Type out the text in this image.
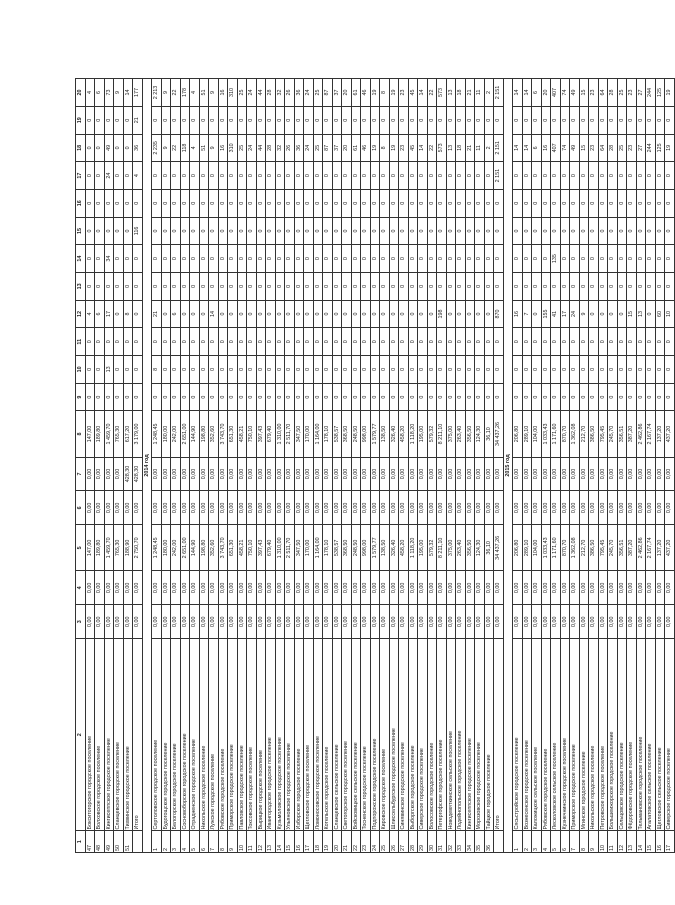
1	2	3	4	5	6	7	8	9	10	11	12	13	14	15	16	17	18	19	20
47	Бокситогорское городское поселение	0,00	0,00	147,00	0,00	0,00	147,00	0	0	0	4	0	0	0	0	0	0	0	4
48	Волховское городское поселение	0,00	0,00	189,80	0,00	0,00	189,80	0	0	0	6	0	0	0	0	0	0	0	6
49	Кингисеппское городское поселение	0,00	0,00	1 459,70	0,00	0,00	1 459,70	0	13	0	17	0	34	0	0	24	49	0	73
50	Сланцевское городское поселение	0,00	0,00	765,30	0,00	0,00	765,30	0	0	0	0	0	0	0	0	0	0	0	9
51	Тихвинское городское поселение	0,00	0,00	188,90	0,00	428,30	617,20	0	0	0	8	0	0	0	0	0	0	0	14
	Итого	0,00	0,00	2 750,70	0,00	428,30	3 179,00	0	0	0	0	0	0	116	0	4	36	21	177
2014 год																			
1	Сертоловское городское поселение	0,00	0,00	1 248,45	0,00	0,00	1 248,45	0	8	0	21	0	0	0	0	0	2 235	0	2 213
2	Будогощское городское поселение	0,00	0,00	180,00	0,00	0,00	180,00	0	0	0	0	0	0	0	0	0	9	0	9
3	Белогорское городское поселение	0,00	0,00	242,00	0,00	0,00	242,00	0	0	0	6	0	0	0	0	0	22	0	22
4	Сосновоборское городское поселение	0,00	0,00	2 651,00	0,00	0,00	2 651,00	0	0	0	0	0	0	0	0	0	118	0	178
5	Отрадненское городское поселение	0,00	0,00	144,90	0,00	0,00	144,90	0	0	0	0	0	0	0	0	0	4	0	4
6	Никольское городское поселение	0,00	0,00	198,80	0,00	0,00	198,80	0	0	0	0	0	0	0	0	0	51	0	51
7	Лужское городское поселение	0,00	0,00	352,60	0,00	0,00	352,60	0	0	0	14	0	0	0	0	0	9	0	9
8	Рябовское городское поселение	0,00	0,00	3 743,70	0,00	0,00	3 743,70	0	0	0	0	0	0	0	0	0	16	0	16
9	Приморское городское поселение	0,00	0,00	651,30	0,00	0,00	651,30	0	0	0	0	0	0	0	0	0	310	0	310
10	Павловское городское поселение	0,00	0,00	458,21	0,00	0,00	458,21	0	0	0	0	0	0	0	0	0	25	0	25
11	Токсовское городское поселение	0,00	0,00	750,10	0,00	0,00	750,10	0	0	0	0	0	0	0	0	0	24	0	24
12	Вырицкое городское поселение	0,00	0,00	397,43	0,00	0,00	397,43	0	0	0	0	0	0	0	0	0	44	0	44
13	Ивангородское городское поселение	0,00	0,00	679,40	0,00	0,00	679,40	0	0	0	0	0	0	0	0	0	28	0	28
14	Кузьмоловское городское поселение	0,00	0,00	1 310,00	0,00	0,00	1 310,00	0	0	0	0	0	0	0	0	0	32	0	32
15	Ульяновское городское поселение	0,00	0,00	2 511,70	0,00	0,00	2 511,70	0	0	0	0	0	0	0	0	0	26	0	26
16	Изборское городское поселение	0,00	0,00	347,50	0,00	0,00	347,50	0	0	0	0	0	0	0	0	0	36	0	36
17	Щегловское городское поселение	0,00	0,00	170,00	0,00	0,00	170,00	0	0	0	0	0	0	0	0	0	24	0	24
18	Ломоносовское городское поселение	0,00	0,00	1 164,00	0,00	0,00	1 164,00	0	0	0	0	0	0	0	0	0	25	0	25
19	Котельское городское поселение	0,00	0,00	178,10	0,00	0,00	178,10	0	0	0	0	0	0	0	0	0	87	0	87
20	Сланцевское сельское поселение	0,00	0,00	538,57	0,00	0,00	538,57	0	0	0	0	0	0	0	0	0	37	0	37
21	Светогорское городское поселение	0,00	0,00	368,50	0,00	0,00	368,50	0	0	0	0	0	0	0	0	0	20	0	20
22	Войсковицкое сельское поселение	0,00	0,00	248,50	0,00	0,00	248,50	0	0	0	0	0	0	0	0	0	61	0	61
23	Тосненское городское поселение	0,00	0,00	998,00	0,00	0,00	998,00	0	0	0	0	0	0	0	0	0	46	0	46
24	Подпорожское городское поселение	0,00	0,00	1 579,77	0,00	0,00	1 579,77	0	0	0	0	0	0	0	0	0	19	0	19
25	Кировское городское поселение	0,00	0,00	138,50	0,00	0,00	138,50	0	0	0	0	0	0	0	0	0	8	0	8
26	Шлиссельбургское городское поселение	0,00	0,00	326,40	0,00	0,00	326,40	0	0	0	0	0	0	0	0	0	19	0	19
27	Синявинское городское поселение	0,00	0,00	458,20	0,00	0,00	458,20	0	0	0	0	0	0	0	0	0	23	0	23
28	Выборгское городское поселение	0,00	0,00	1 118,20	0,00	0,00	1 118,20	0	0	0	0	0	0	0	0	0	45	0	45
29	Сиверское городское поселение	0,00	0,00	195,00	0,00	0,00	195,00	0	0	0	0	0	0	0	0	0	14	0	14
30	Волосовское городское поселение	0,00	0,00	579,32	0,00	0,00	579,32	0	0	0	0	0	0	0	0	0	22	0	22
31	Петергофское городское поселение	0,00	0,00	8 211,10	0,00	0,00	8 211,10	0	0	0	198	0	0	0	0	0	573	0	573
32	Новодевяткинское сельское поселение	0,00	0,00	375,00	0,00	0,00	375,00	0	0	0	0	0	0	0	0	0	13	0	13
33	Лодейнопольское городское поселение	0,00	0,00	263,40	0,00	0,00	263,40	0	0	0	0	0	0	0	0	0	18	0	18
34	Кингисеппское городское поселение	0,00	0,00	356,50	0,00	0,00	356,50	0	0	0	0	0	0	0	0	0	21	0	21
35	Морозовское городское поселение	0,00	0,00	124,30	0,00	0,00	124,30	0	0	0	0	0	0	0	0	0	11	0	11
36	Тайцкое городское поселение	0,00	0,00	36,10	0,00	0,00	36,10	0	0	0	0	0	0	0	0	0	2	0	2
	Итого	0,00	0,00	34 437,26	0,00	0,00	34 437,26	0	0	0	870	0	0	0	0	2 151	2 151	0	2 151
2015 год																			
1	Сясьстройское городское поселение	0,00	0,00	206,80	0,00	0,00	206,80	0	0	0	16	0	0	0	0	0	14	0	14
2	Вознесенское городское поселение	0,00	0,00	289,10	0,00	0,00	289,10	0	0	0	7	0	0	0	0	0	14	0	14
3	Каложицкое сельское поселение	0,00	0,00	104,00	0,00	0,00	104,00	0	0	0	0	0	0	0	0	0	6	0	6
4	Рябовское городское поселение	0,00	0,00	1 033,43	0,00	0,00	1 033,43	0	0	0	155	0	0	0	0	0	16	0	20
5	Лесколовское сельское поселение	0,00	0,00	1 171,60	0,00	0,00	1 171,60	0	0	0	41	0	135	0	0	0	407	0	407
6	Кузнечнинское городское поселение	0,00	0,00	870,70	0,00	0,00	870,70	0	0	0	17	0	0	0	0	0	74	0	74
7	Приморское городское поселение	0,00	0,00	1 362,08	0,00	0,00	1 362,08	0	0	0	24	0	0	0	0	0	49	0	49
8	Мгинское городское поселение	0,00	0,00	212,70	0,00	0,00	212,70	0	0	0	9	0	0	0	0	0	15	0	15
9	Никольское городское поселение	0,00	0,00	386,50	0,00	0,00	386,50	0	0	0	0	0	0	0	0	0	23	0	23
10	Петровское городское поселение	0,00	0,00	795,45	0,00	0,00	795,45	0	0	0	0	0	0	0	0	0	64	0	64
11	Большеижорское городское поселение	0,00	0,00	245,70	0,00	0,00	245,70	0	0	0	0	0	0	0	0	0	28	0	28
12	Сельцовское городское поселение	0,00	0,00	356,51	0,00	0,00	356,51	0	0	0	0	0	0	0	0	0	25	0	25
13	Фёдоровское городское поселение	0,00	0,00	387,20	0,00	0,00	387,20	0	0	0	15	0	0	0	0	0	23	0	23
14	Тельмановское городское поселение	0,00	0,00	2 462,86	0,00	0,00	2 462,86	0	0	0	13	0	0	0	0	0	27	0	27
15	Агалатовское сельское поселение	0,00	0,00	2 167,74	0,00	0,00	2 167,74	0	0	0	0	0	0	0	0	0	244	0	244
16	Щегловское сельское поселение	0,00	0,00	137,20	0,00	0,00	137,20	0	0	0	60	0	0	0	0	0	125	0	125
17	Сиверское городское поселение	0,00	0,00	437,20	0,00	0,00	437,20	0	0	0	10	0	0	0	0	0	19	0	19
